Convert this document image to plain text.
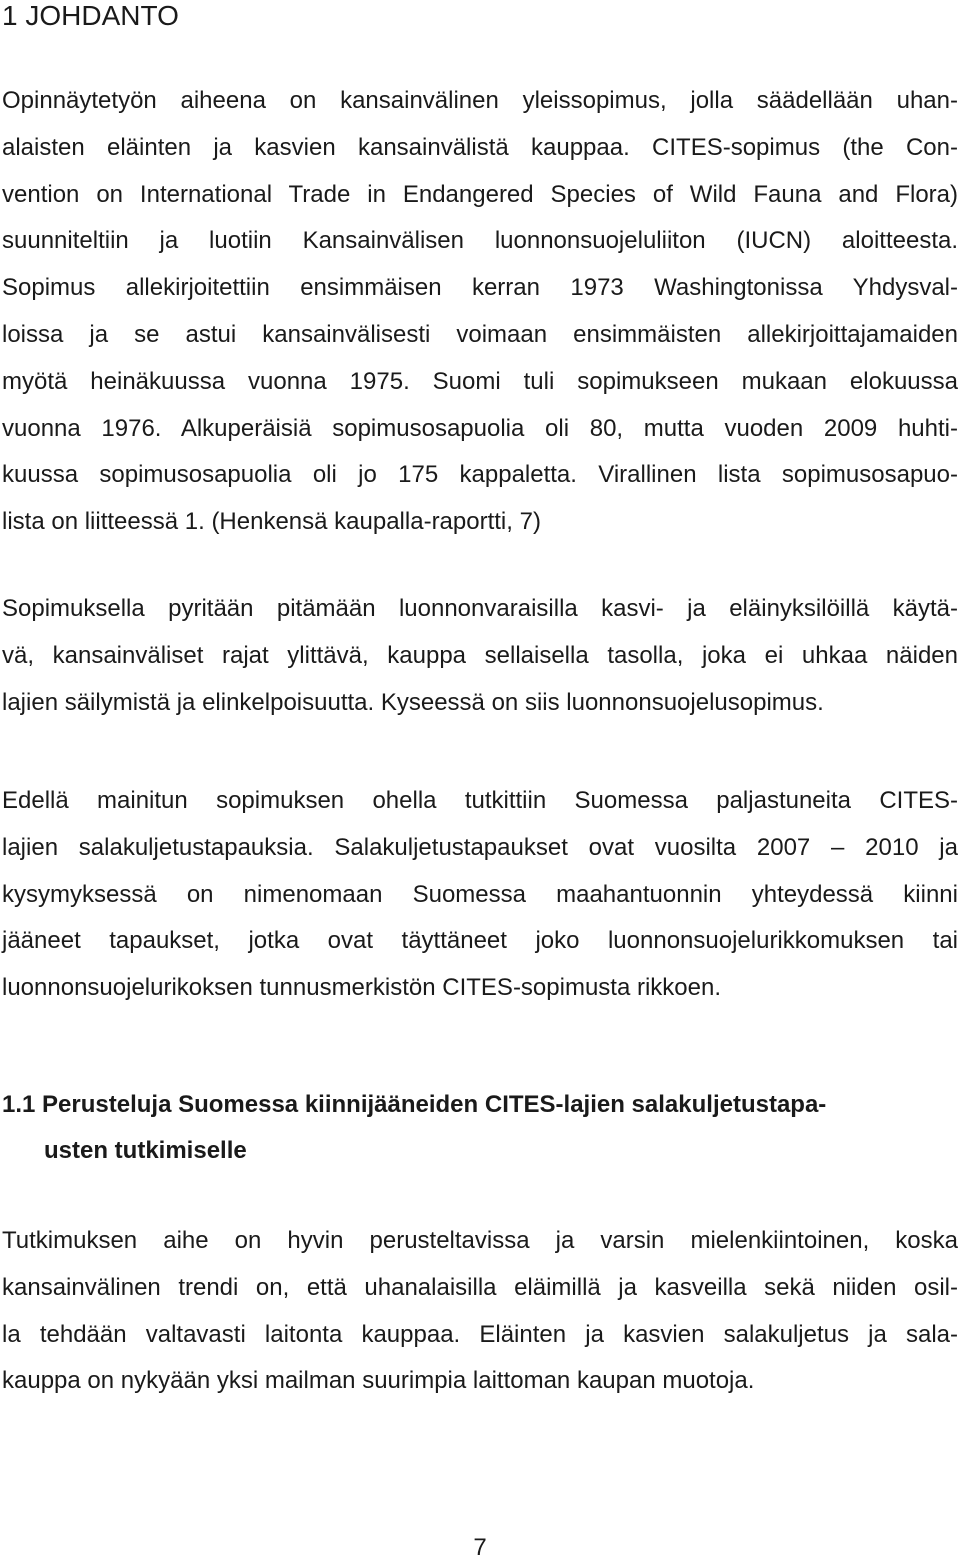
1 JOHDANTO
Opinnäytetyön aiheena on kansainvälinen yleissopimus, jolla säädellään uhan-
alaisten eläinten ja kasvien kansainvälistä kauppaa. CITES-sopimus (the Con-
vention on International Trade in Endangered Species of Wild Fauna and Flora)
suunniteltiin ja luotiin Kansainvälisen luonnonsuojeluliiton (IUCN) aloitteesta.
Sopimus allekirjoitettiin ensimmäisen kerran 1973 Washingtonissa Yhdysval-
loissa ja se astui kansainvälisesti voimaan ensimmäisten allekirjoittajamaiden
myötä heinäkuussa vuonna 1975. Suomi tuli sopimukseen mukaan elokuussa
vuonna 1976. Alkuperäisiä sopimusosapuolia oli 80, mutta vuoden 2009 huhti-
kuussa sopimusosapuolia oli jo 175 kappaletta. Virallinen lista sopimusosapuo-
lista on liitteessä 1. (Henkensä kaupalla-raportti, 7)
Sopimuksella pyritään pitämään luonnonvaraisilla kasvi- ja eläinyksilöillä käytä-
vä, kansainväliset rajat ylittävä, kauppa sellaisella tasolla, joka ei uhkaa näiden
lajien säilymistä ja elinkelpoisuutta. Kyseessä on siis luonnonsuojelusopimus.
Edellä mainitun sopimuksen ohella tutkittiin Suomessa paljastuneita CITES-
lajien salakuljetustapauksia. Salakuljetustapaukset ovat vuosilta 2007 – 2010 ja
kysymyksessä on nimenomaan Suomessa maahantuonnin yhteydessä kiinni
jääneet tapaukset, jotka ovat täyttäneet joko luonnonsuojelurikkomuksen tai
luonnonsuojelurikoksen tunnusmerkistön CITES-sopimusta rikkoen.
1.1 Perusteluja Suomessa kiinnijääneiden CITES-lajien salakuljetustapa-
usten tutkimiselle
Tutkimuksen aihe on hyvin perusteltavissa ja varsin mielenkiintoinen, koska
kansainvälinen trendi on, että uhanalaisilla eläimillä ja kasveilla sekä niiden osil-
la tehdään valtavasti laitonta kauppaa. Eläinten ja kasvien salakuljetus ja sala-
kauppa on nykyään yksi mailman suurimpia laittoman kaupan muotoja.
7
